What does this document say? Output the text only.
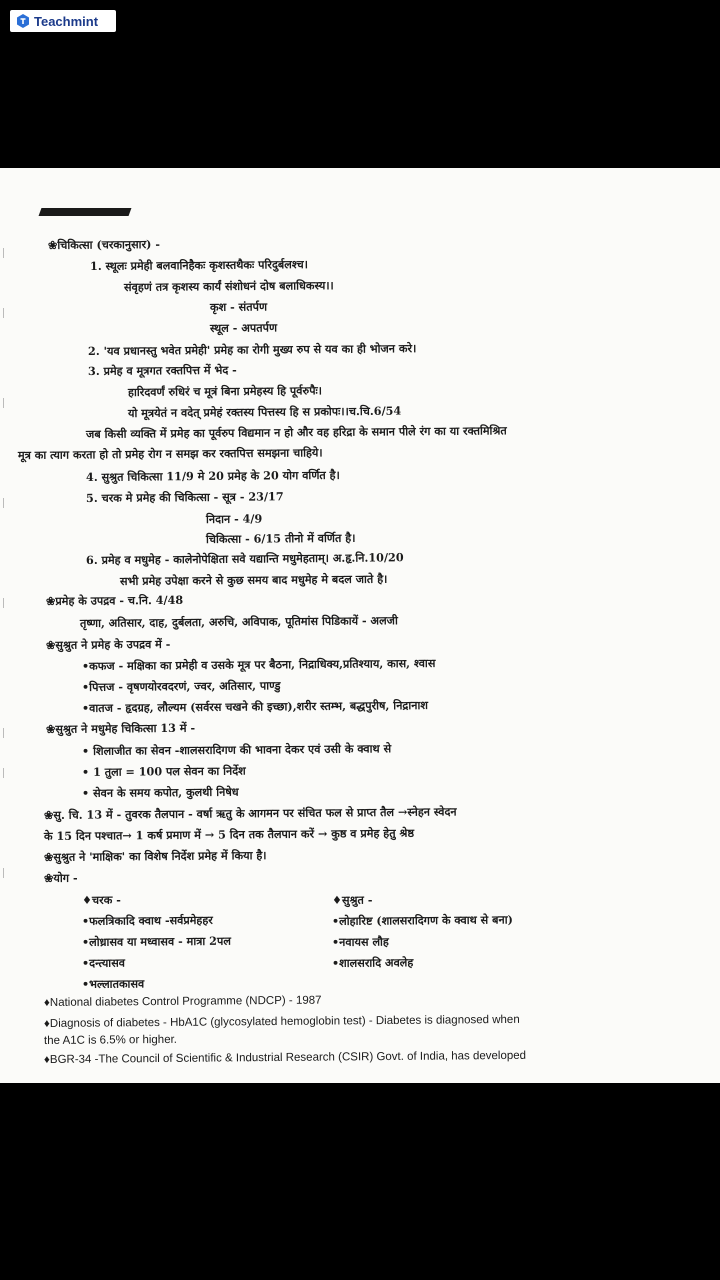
Teachmint
❀चिकित्सा (चरकानुसार) -
1. स्थूलः प्रमेही बलवानिहैकः कृशस्तथैकः परिदुर्बलश्च।
संवृहणं तत्र कृशस्य कार्यं संशोधनं दोष बलाधिकस्य।।
कृश - संतर्पण
स्थूल - अपतर्पण
2. 'यव प्रधानस्तु भवेत प्रमेही' प्रमेह का रोगी मुख्य रुप से यव का ही भोजन करे।
3. प्रमेह व मूत्रगत रक्तपित्त में भेद -
हारिदवर्णं रुधिरं च मूत्रं बिना प्रमेहस्य हि पूर्वरुपैः।
यो मूत्रयेतं न वदेत् प्रमेहं रक्तस्य पित्तस्य हि स प्रकोपः।।च.चि.6/54
जब किसी व्यक्ति में प्रमेह का पूर्वरुप विद्यमान न हो और वह हरिद्रा के समान पीले रंग का या रक्तमिश्रित
मूत्र का त्याग करता हो तो प्रमेह रोग न समझ कर रक्तपित्त समझना चाहिये।
4. सुश्रुत चिकित्सा 11/9 मे 20 प्रमेह के 20 योग वर्णित है।
5. चरक मे प्रमेह की चिकित्सा - सूत्र - 23/17
निदान - 4/9
चिकित्सा - 6/15 तीनो में वर्णित है।
6. प्रमेह व मधुमेह - कालेनोपेक्षिता सवे यद्यान्ति मधुमेहताम्। अ.हृ.नि.10/20
सभी प्रमेह उपेक्षा करने से कुछ समय बाद मधुमेह मे बदल जाते है।
❀प्रमेह के उपद्रव - च.नि. 4/48
तृष्णा, अतिसार, दाह, दुर्बलता, अरुचि, अविपाक, पूतिमांस पिडिकायें - अलजी
❀सुश्रुत ने प्रमेह के उपद्रव में -
•कफज - मक्षिका का प्रमेही व उसके मूत्र पर बैठना, निद्राधिक्य,प्रतिश्याय, कास, श्वास
•पित्तज - वृषणयोरवदरणं, ज्वर, अतिसार, पाण्डु
•वातज - हृदग्रह, लौल्यम (सर्वरस चखने की इच्छा),शरीर स्तम्भ, बद्धपुरीष, निद्रानाश
❀सुश्रुत ने मधुमेह चिकित्सा 13 में -
• शिलाजीत का सेवन -शालसरादिगण की भावना देकर एवं उसी के क्वाथ से
• 1 तुला = 100 पल सेवन का निर्देश
• सेवन के समय कपोत, कुलथी निषेध
❀सु. चि. 13 में - तुवरक तैलपान - वर्षा ऋतु के आगमन पर संचित फल से प्राप्त तैल →स्नेहन स्वेदन
के 15 दिन पश्चात→ 1 कर्ष प्रमाण में → 5 दिन तक तैलपान करें → कुष्ठ व प्रमेह हेतु श्रेष्ठ
❀सुश्रुत ने 'माक्षिक' का विशेष निर्देश प्रमेह में किया है।
❀योग -
♦चरक -	♦सुश्रुत -
•फलत्रिकादि क्वाथ -सर्वप्रमेहहर	•लोहारिष्ट (शालसरादिगण के क्वाथ से बना)
•लोध्रासव या मध्वासव - मात्रा 2पल	•नवायस लौह
•दन्त्यासव	•शालसरादि अवलेह
•भल्लातकासव
♦National diabetes Control Programme (NDCP) - 1987
♦Diagnosis of diabetes - HbA1C (glycosylated hemoglobin test) - Diabetes is diagnosed when
the A1C is 6.5% or higher.
♦BGR-34 -The Council of Scientific & Industrial Research (CSIR) Govt. of India, has developed
